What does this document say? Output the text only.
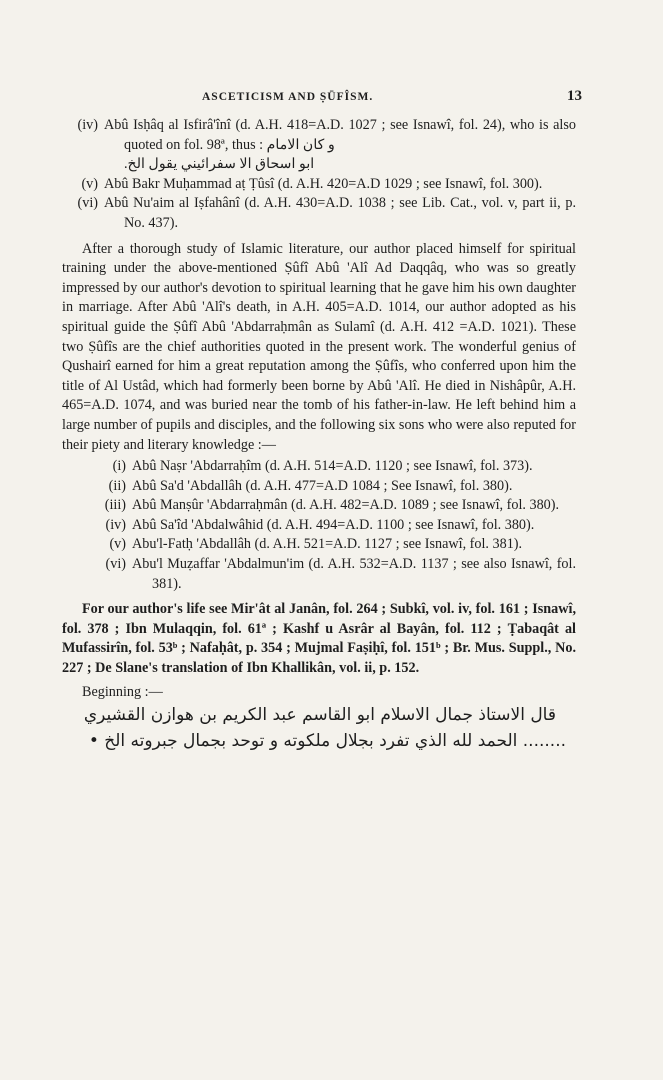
ASCETICISM AND ṢŪFÎSM.	13
(iv) Abû Isḥâq al Isfirâ'înî (d. A.H. 418=A.D. 1027 ; see Isnawî, fol. 24), who is also quoted on fol. 98ª, thus : و كان الامام
ابو اسحاق الا سفرائيني يقول الخ.
(v) Abû Bakr Muḥammad aṭ Ṭûsî (d. A.H. 420=A.D 1029 ; see Isnawî, fol. 300).
(vi) Abû Nu'aim al Iṣfahânî (d. A.H. 430=A.D. 1038 ; see Lib. Cat., vol. v, part ii, p. No. 437).
After a thorough study of Islamic literature, our author placed himself for spiritual training under the above-mentioned Ṣûfî Abû 'Alî Ad Daqqâq, who was so greatly impressed by our author's devotion to spiritual learning that he gave him his own daughter in marriage. After Abû 'Alî's death, in A.H. 405=A.D. 1014, our author adopted as his spiritual guide the Ṣûfî Abû 'Abdarraḥmân as Sulamî (d. A.H. 412 =A.D. 1021). These two Ṣûfîs are the chief authorities quoted in the present work. The wonderful genius of Qushairî earned for him a great reputation among the Ṣûfîs, who conferred upon him the title of Al Ustâd, which had formerly been borne by Abû 'Alî. He died in Nishâpûr, A.H. 465=A.D. 1074, and was buried near the tomb of his father-in-law. He left behind him a large number of pupils and disciples, and the following six sons who were also reputed for their piety and literary knowledge :—
(i) Abû Naṣr 'Abdarraḥîm (d. A.H. 514=A.D. 1120 ; see Isnawî, fol. 373).
(ii) Abû Sa'd 'Abdallâh (d. A.H. 477=A.D 1084 ; See Isnawî, fol. 380).
(iii) Abû Manṣûr 'Abdarraḥmân (d. A.H. 482=A.D. 1089 ; see Isnawî, fol. 380).
(iv) Abû Sa'îd 'Abdalwâhid (d. A.H. 494=A.D. 1100 ; see Isnawî, fol. 380).
(v) Abu'l-Fatḥ 'Abdallâh (d. A.H. 521=A.D. 1127 ; see Isnawî, fol. 381).
(vi) Abu'l Muẓaffar 'Abdalmun'im (d. A.H. 532=A.D. 1137 ; see also Isnawî, fol. 381).
For our author's life see Mir'ât al Janân, fol. 264 ; Subkî, vol. iv, fol. 161 ; Isnawî, fol. 378 ; Ibn Mulaqqin, fol. 61ª ; Kashf u Asrâr al Bayân, fol. 112 ; Ṭabaqât al Mufassirîn, fol. 53ᵇ ; Nafaḥât, p. 354 ; Mujmal Faṣiḥî, fol. 151ᵇ ; Br. Mus. Suppl., No. 227 ; De Slane's translation of Ibn Khallikân, vol. ii, p. 152.
Beginning :—
قال الاستاذ جمال الاسلام ابو القاسم عبد الكريم بن هوازن القشيري
........ الحمد لله الذي تفرد بجلال ملكوته و توحد بجمال جبروته الخ •
